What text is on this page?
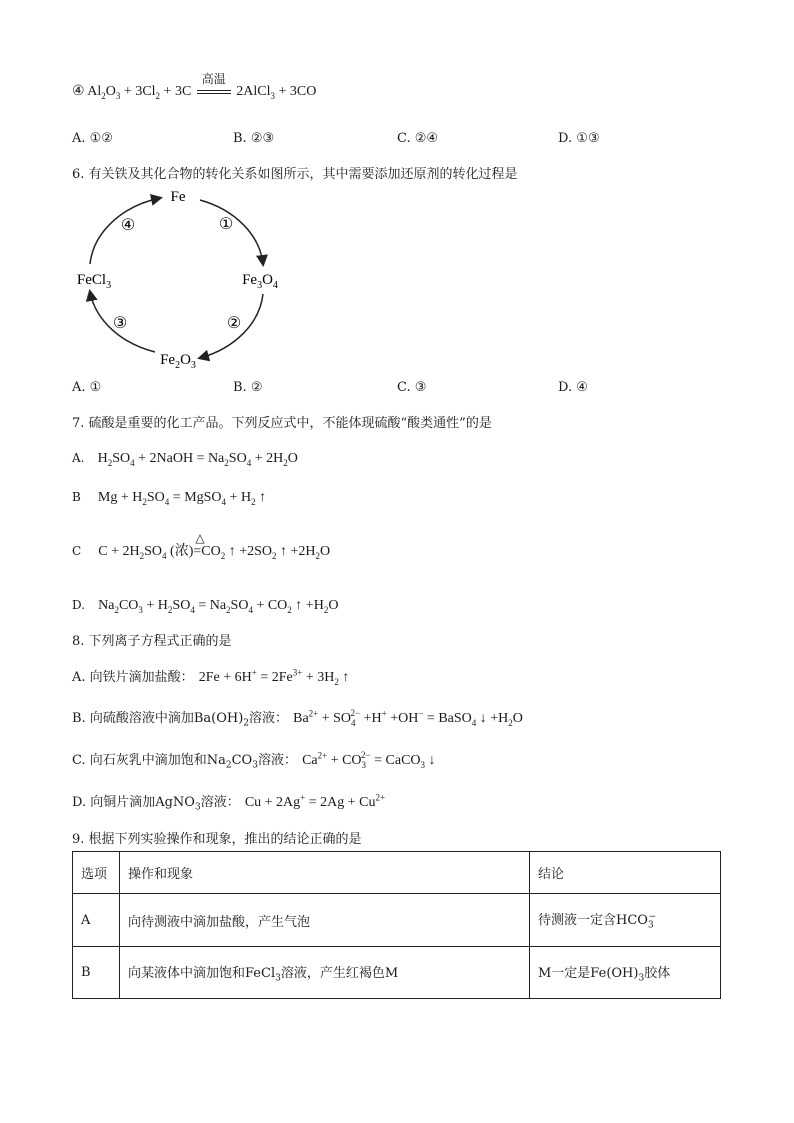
④ $Al_2O_3 + 3Cl_2 + 3C$
高温
2AlCl$_3$ + 3CO
A. ①②	B. ②③	C. ②④	D. ①③
6. 有关铁及其化合物的转化关系如图所示，其中需要添加还原剂的转化过程是
Fe
$Fe_3O_4$
$Fe_2O_3$
FeCl$_3$
①
②
③
④
A. ①	B. ②	C. ③	D. ④
7. 硫酸是重要的化工产品。下列反应式中，不能体现硫酸“酸类通性”的是
A. $H_2SO_4$ + 2NaOH = $Na_2SO_4 + 2H_2O$
B $Mg + H_2SO_4$ = MgSO$_4$ + $H_2$ ↑
C $C + 2H_2SO_4$ (浓)
△
$=CO_2$ ↑ $+2SO_2$ ↑ $+2H_2O$
D. $Na_2CO_3 + H_2SO_4 = Na_2SO_4 + CO_2$ ↑ $+H_2O$
8. 下列离子方程式正确的是
A. 向铁片滴加盐酸： $2Fe + 6H^+ = 2Fe^{3+} + 3H_2$ ↑
B. 向硫酸溶液中滴加$Ba(OH)_2$溶液： $Ba^{2+} + SO_4^{2-} +H^+ +OH^-$ = BaSO$_4$ ↓ $+H_2O$
C. 向石灰乳中滴加饱和$Na_2CO_3$溶液： $Ca^{2+} + CO_3^{2-}$ = CaCO$_3$ ↓
D. 向铜片滴加AgNO$_3$溶液： $Cu + 2Ag^+ = 2Ag + Cu^{2+}$
9. 根据下列实验操作和现象，推出的结论正确的是
选项	操作和现象	结论
A	向待测液中滴加盐酸，产生气泡	待测液一定含$HCO_3^-$
B	向某液体中滴加饱和FeCl$_3$溶液，产生红褐色M	M一定是$Fe(OH)_3$胶体
